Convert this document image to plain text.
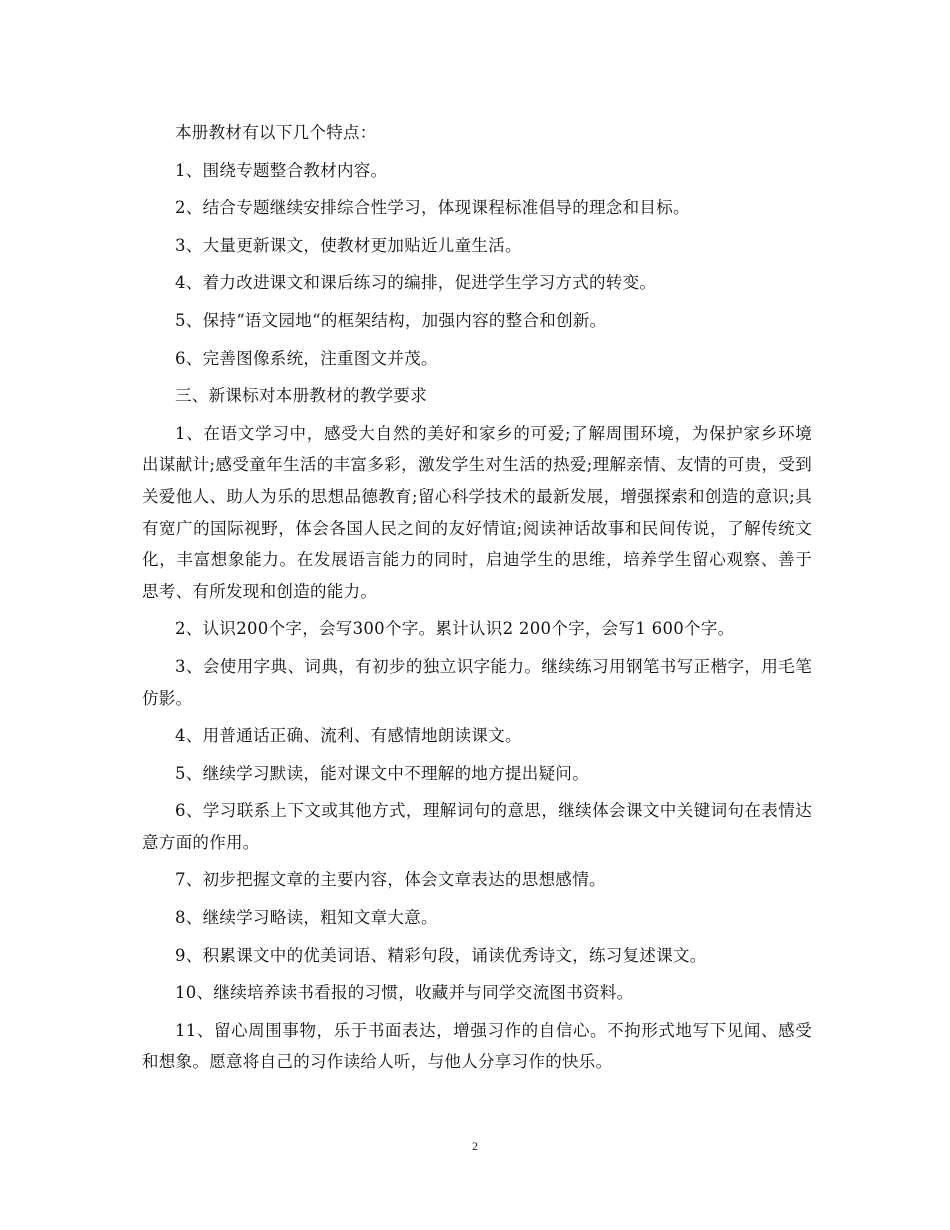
本册教材有以下几个特点：

1、围绕专题整合教材内容。

2、结合专题继续安排综合性学习，体现课程标准倡导的理念和目标。

3、大量更新课文，使教材更加贴近儿童生活。

4、着力改进课文和课后练习的编排，促进学生学习方式的转变。

5、保持“语文园地“的框架结构，加强内容的整合和创新。

6、完善图像系统，注重图文并茂。

三、新课标对本册教材的教学要求

1、在语文学习中，感受大自然的美好和家乡的可爱;了解周围环境，为保护家乡环境出谋献计;感受童年生活的丰富多彩，激发学生对生活的热爱;理解亲情、友情的可贵，受到关爱他人、助人为乐的思想品德教育;留心科学技术的最新发展，增强探索和创造的意识;具有宽广的国际视野，体会各国人民之间的友好情谊;阅读神话故事和民间传说，了解传统文化，丰富想象能力。在发展语言能力的同时，启迪学生的思维，培养学生留心观察、善于思考、有所发现和创造的能力。

2、认识200个字，会写300个字。累计认识2 200个字，会写1 600个字。

3、会使用字典、词典，有初步的独立识字能力。继续练习用钢笔书写正楷字，用毛笔仿影。

4、用普通话正确、流利、有感情地朗读课文。

5、继续学习默读，能对课文中不理解的地方提出疑问。

6、学习联系上下文或其他方式，理解词句的意思，继续体会课文中关键词句在表情达意方面的作用。

7、初步把握文章的主要内容，体会文章表达的思想感情。

8、继续学习略读，粗知文章大意。

9、积累课文中的优美词语、精彩句段，诵读优秀诗文，练习复述课文。

10、继续培养读书看报的习惯，收藏并与同学交流图书资料。

11、留心周围事物，乐于书面表达，增强习作的自信心。不拘形式地写下见闻、感受和想象。愿意将自己的习作读给人听，与他人分享习作的快乐。

2
